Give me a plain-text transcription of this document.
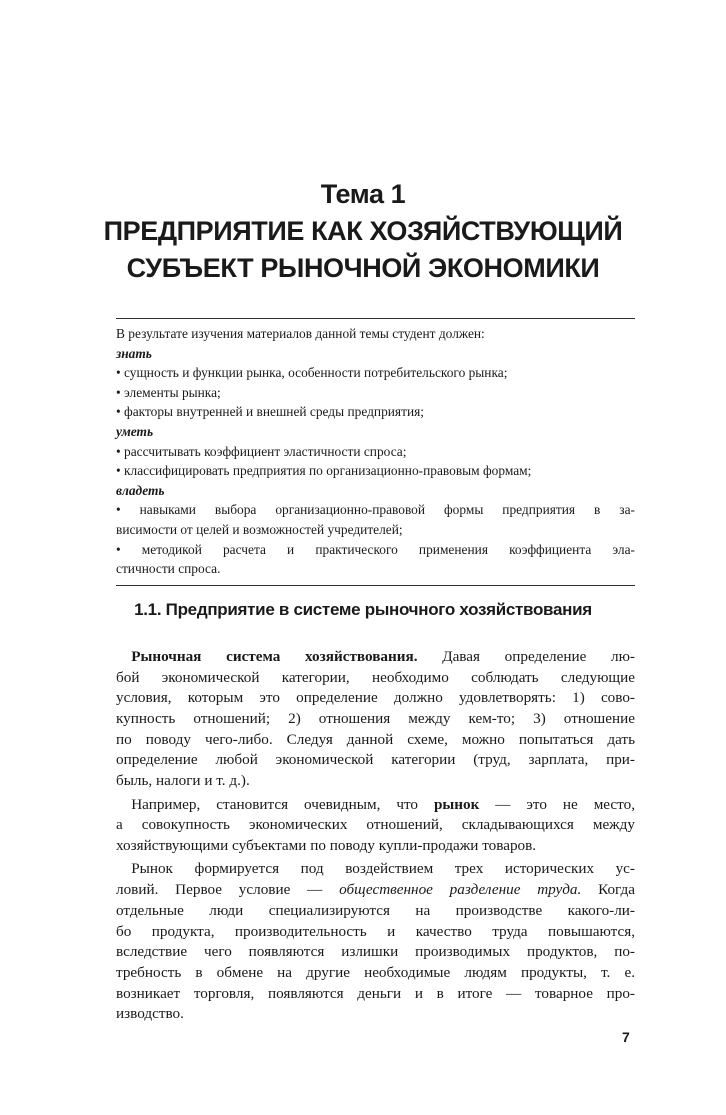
Тема 1
ПРЕДПРИЯТИЕ КАК ХОЗЯЙСТВУЮЩИЙ
СУБЪЕКТ РЫНОЧНОЙ ЭКОНОМИКИ
В результате изучения материалов данной темы студент должен:
знать
• сущность и функции рынка, особенности потребительского рынка;
• элементы рынка;
• факторы внутренней и внешней среды предприятия;
уметь
• рассчитывать коэффициент эластичности спроса;
• классифицировать предприятия по организационно-правовым формам;
владеть
• навыками выбора организационно-правовой формы предприятия в за-
висимости от целей и возможностей учредителей;
• методикой расчета и практического применения коэффициента эла-
стичности спроса.
1.1. Предприятие в системе рыночного хозяйствования

 Рыночная система хозяйствования. Давая определение лю-
бой экономической категории, необходимо соблюдать следующие
условия, которым это определение должно удовлетворять: 1) сово-
купность отношений; 2) отношения между кем-то; 3) отношение
по поводу чего-либо. Следуя данной схеме, можно попытаться дать
определение любой экономической категории (труд, зарплата, при-
быль, налоги и т. д.).

 Например, становится очевидным, что рынок — это не место,
а совокупность экономических отношений, складывающихся между
хозяйствующими субъектами по поводу купли-продажи товаров.

 Рынок формируется под воздействием трех исторических ус-
ловий. Первое условие — общественное разделение труда. Когда
отдельные люди специализируются на производстве какого-ли-
бо продукта, производительность и качество труда повышаются,
вследствие чего появляются излишки производимых продуктов, по-
требность в обмене на другие необходимые людям продукты, т. е.
возникает торговля, появляются деньги и в итоге — товарное про-
изводство.

7
